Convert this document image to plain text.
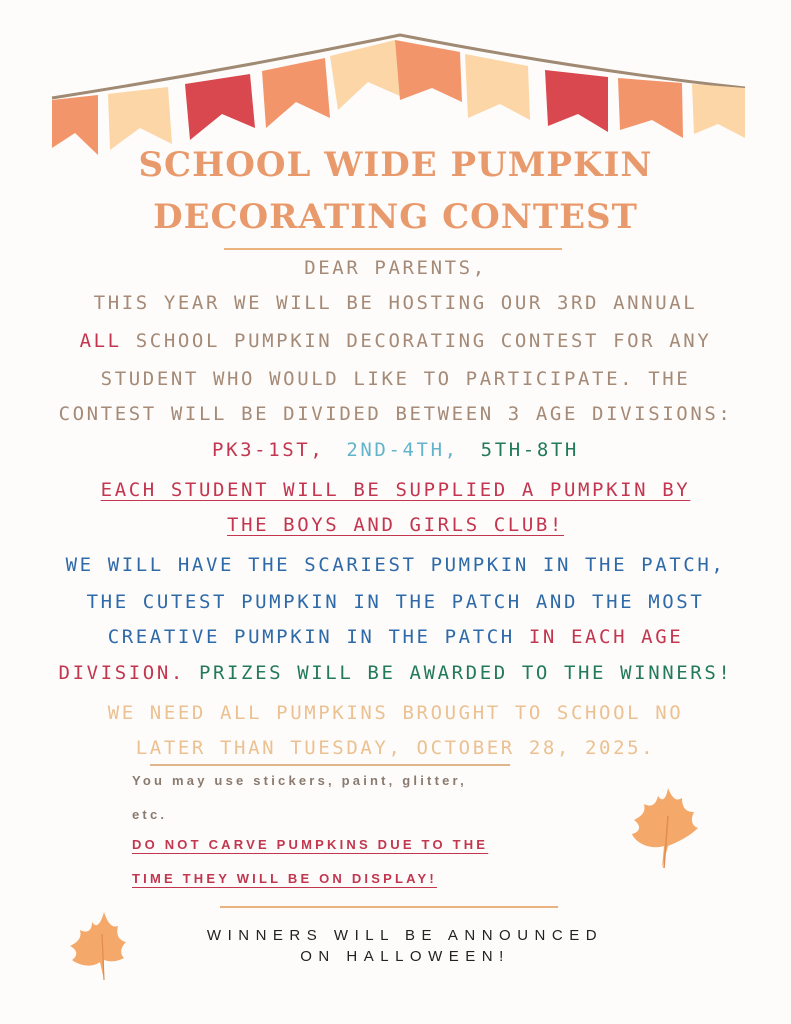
SCHOOL WIDE PUMPKIN
DECORATING CONTEST
DEAR PARENTS,
THIS YEAR WE WILL BE HOSTING OUR 3RD ANNUAL
ALL SCHOOL PUMPKIN DECORATING CONTEST FOR ANY
STUDENT WHO WOULD LIKE TO PARTICIPATE. THE
CONTEST WILL BE DIVIDED BETWEEN 3 AGE DIVISIONS:
PK3-1ST, 2ND-4TH, 5TH-8TH
EACH STUDENT WILL BE SUPPLIED A PUMPKIN BY
THE BOYS AND GIRLS CLUB!
WE WILL HAVE THE SCARIEST PUMPKIN IN THE PATCH,
THE CUTEST PUMPKIN IN THE PATCH AND THE MOST
CREATIVE PUMPKIN IN THE PATCH IN EACH AGE
DIVISION. PRIZES WILL BE AWARDED TO THE WINNERS!
WE NEED ALL PUMPKINS BROUGHT TO SCHOOL NO
LATER THAN TUESDAY, OCTOBER 28, 2025.
You may use stickers, paint, glitter,
etc.
DO NOT CARVE PUMPKINS DUE TO THE
TIME THEY WILL BE ON DISPLAY!
WINNERS WILL BE ANNOUNCED
ON HALLOWEEN!
